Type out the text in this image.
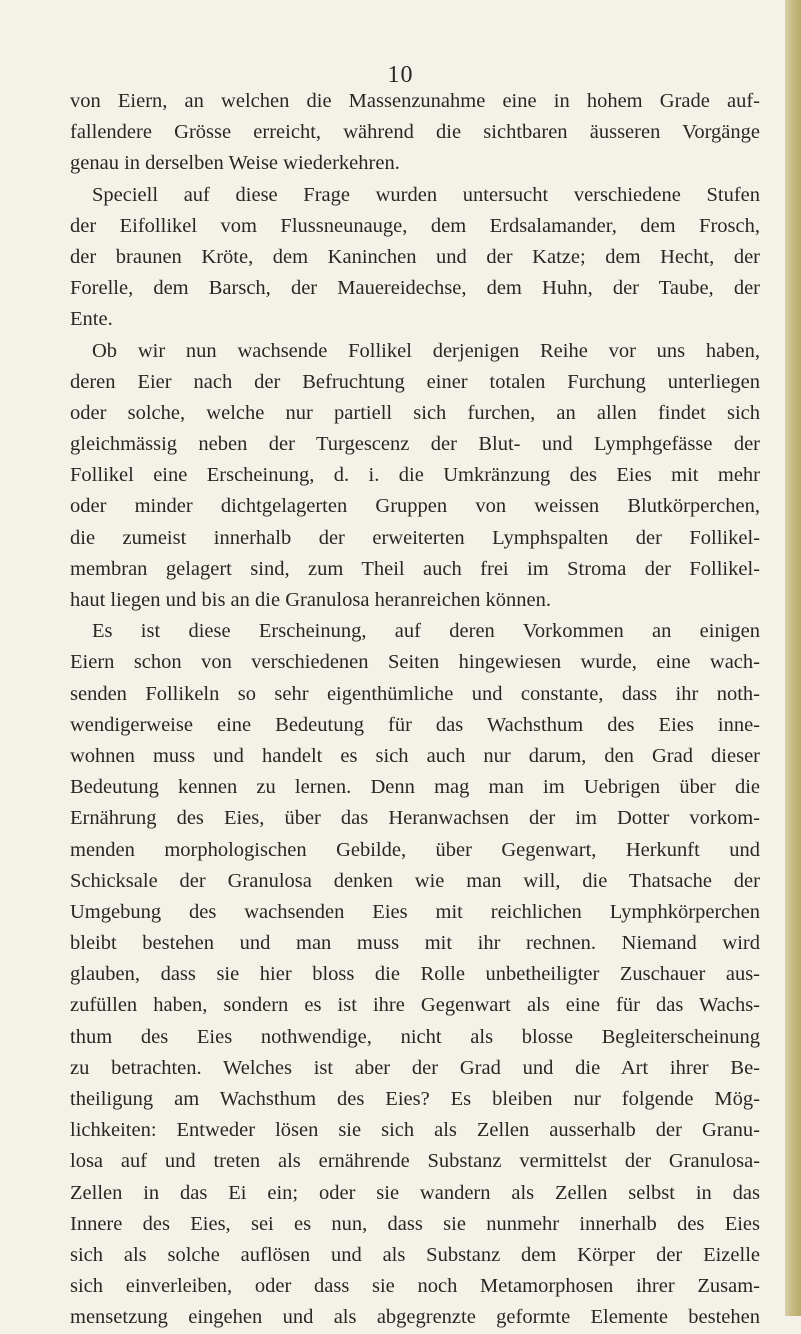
10
von Eiern, an welchen die Massenzunahme eine in hohem Grade auf-
fallendere Grösse erreicht, während die sichtbaren äusseren Vorgänge
genau in derselben Weise wiederkehren.
Speciell auf diese Frage wurden untersucht verschiedene Stufen
der Eifollikel vom Flussneunauge, dem Erdsalamander, dem Frosch,
der braunen Kröte, dem Kaninchen und der Katze; dem Hecht, der
Forelle, dem Barsch, der Mauereidechse, dem Huhn, der Taube, der
Ente.
Ob wir nun wachsende Follikel derjenigen Reihe vor uns haben,
deren Eier nach der Befruchtung einer totalen Furchung unterliegen
oder solche, welche nur partiell sich furchen, an allen findet sich
gleichmässig neben der Turgescenz der Blut- und Lymphgefässe der
Follikel eine Erscheinung, d. i. die Umkränzung des Eies mit mehr
oder minder dichtgelagerten Gruppen von weissen Blutkörperchen,
die zumeist innerhalb der erweiterten Lymphspalten der Follikel-
membran gelagert sind, zum Theil auch frei im Stroma der Follikel-
haut liegen und bis an die Granulosa heranreichen können.
Es ist diese Erscheinung, auf deren Vorkommen an einigen
Eiern schon von verschiedenen Seiten hingewiesen wurde, eine wach-
senden Follikeln so sehr eigenthümliche und constante, dass ihr noth-
wendigerweise eine Bedeutung für das Wachsthum des Eies inne-
wohnen muss und handelt es sich auch nur darum, den Grad dieser
Bedeutung kennen zu lernen. Denn mag man im Uebrigen über die
Ernährung des Eies, über das Heranwachsen der im Dotter vorkom-
menden morphologischen Gebilde, über Gegenwart, Herkunft und
Schicksale der Granulosa denken wie man will, die Thatsache der
Umgebung des wachsenden Eies mit reichlichen Lymphkörperchen
bleibt bestehen und man muss mit ihr rechnen. Niemand wird
glauben, dass sie hier bloss die Rolle unbetheiligter Zuschauer aus-
zufüllen haben, sondern es ist ihre Gegenwart als eine für das Wachs-
thum des Eies nothwendige, nicht als blosse Begleiterscheinung
zu betrachten. Welches ist aber der Grad und die Art ihrer Be-
theiligung am Wachsthum des Eies? Es bleiben nur folgende Mög-
lichkeiten: Entweder lösen sie sich als Zellen ausserhalb der Granu-
losa auf und treten als ernährende Substanz vermittelst der Granulosa-
Zellen in das Ei ein; oder sie wandern als Zellen selbst in das
Innere des Eies, sei es nun, dass sie nunmehr innerhalb des Eies
sich als solche auflösen und als Substanz dem Körper der Eizelle
sich einverleiben, oder dass sie noch Metamorphosen ihrer Zusam-
mensetzung eingehen und als abgegrenzte geformte Elemente bestehen
